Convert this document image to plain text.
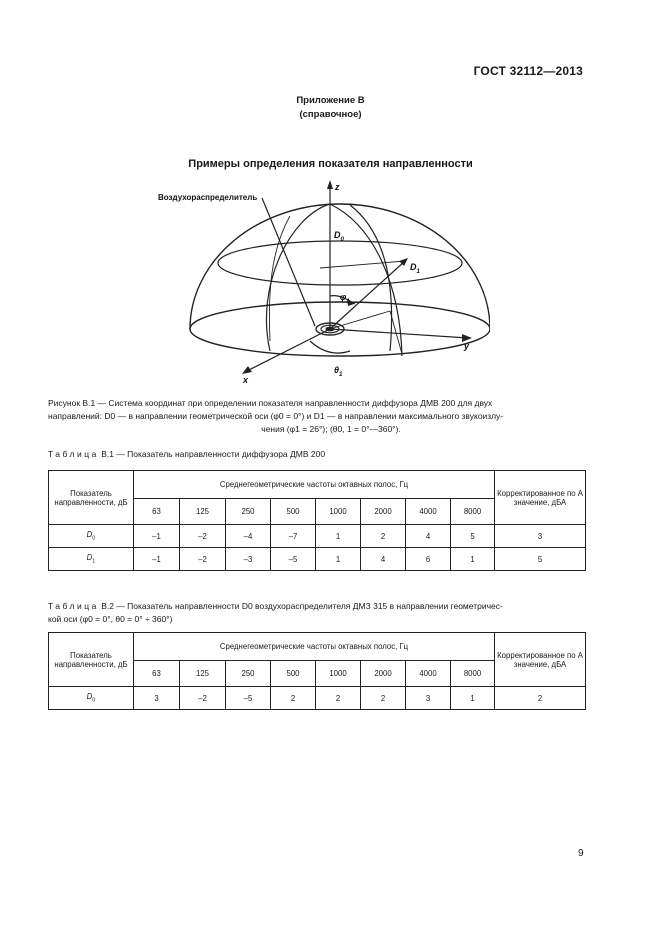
ГОСТ 32112—2013
Приложение В
(справочное)
Примеры определения показателя направленности
Воздухораспределитель
z
y
x
$D_0$
$D_1$
$\varphi_1$
$\theta_1$
Рисунок В.1 — Система координат при определении показателя направленности диффузора ДМВ 200 для двух
направлений: D0 — в направлении геометрической оси (φ0 = 0°) и D1 — в направлении максимального звукоизлу-
чения (φ1 = 26°); (θ0, 1 = 0°—360°).
Таблица В.1 — Показатель направленности диффузора ДМВ 200
Показатель направленности, дБ	Среднегеометрические частоты октавных полос, Гц								Корректированное по А значение, дБА
	63	125	250	500	1000	2000	4000	8000	
$D_0$	–1	–2	–4	–7	1	2	4	5	3
$D_1$	–1	–2	–3	–5	1	4	6	1	5
Таблица В.2 — Показатель направленности D0 воздухораспределителя ДМЗ 315 в направлении геометричес-
кой оси (φ0 = 0°, θ0 = 0° ÷ 360°)
Показатель направленности, дБ	Среднегеометрические частоты октавных полос, Гц								Корректированное по А значение, дБА
	63	125	250	500	1000	2000	4000	8000	
$D_0$	3	–2	–5	2	2	2	3	1	2
9
